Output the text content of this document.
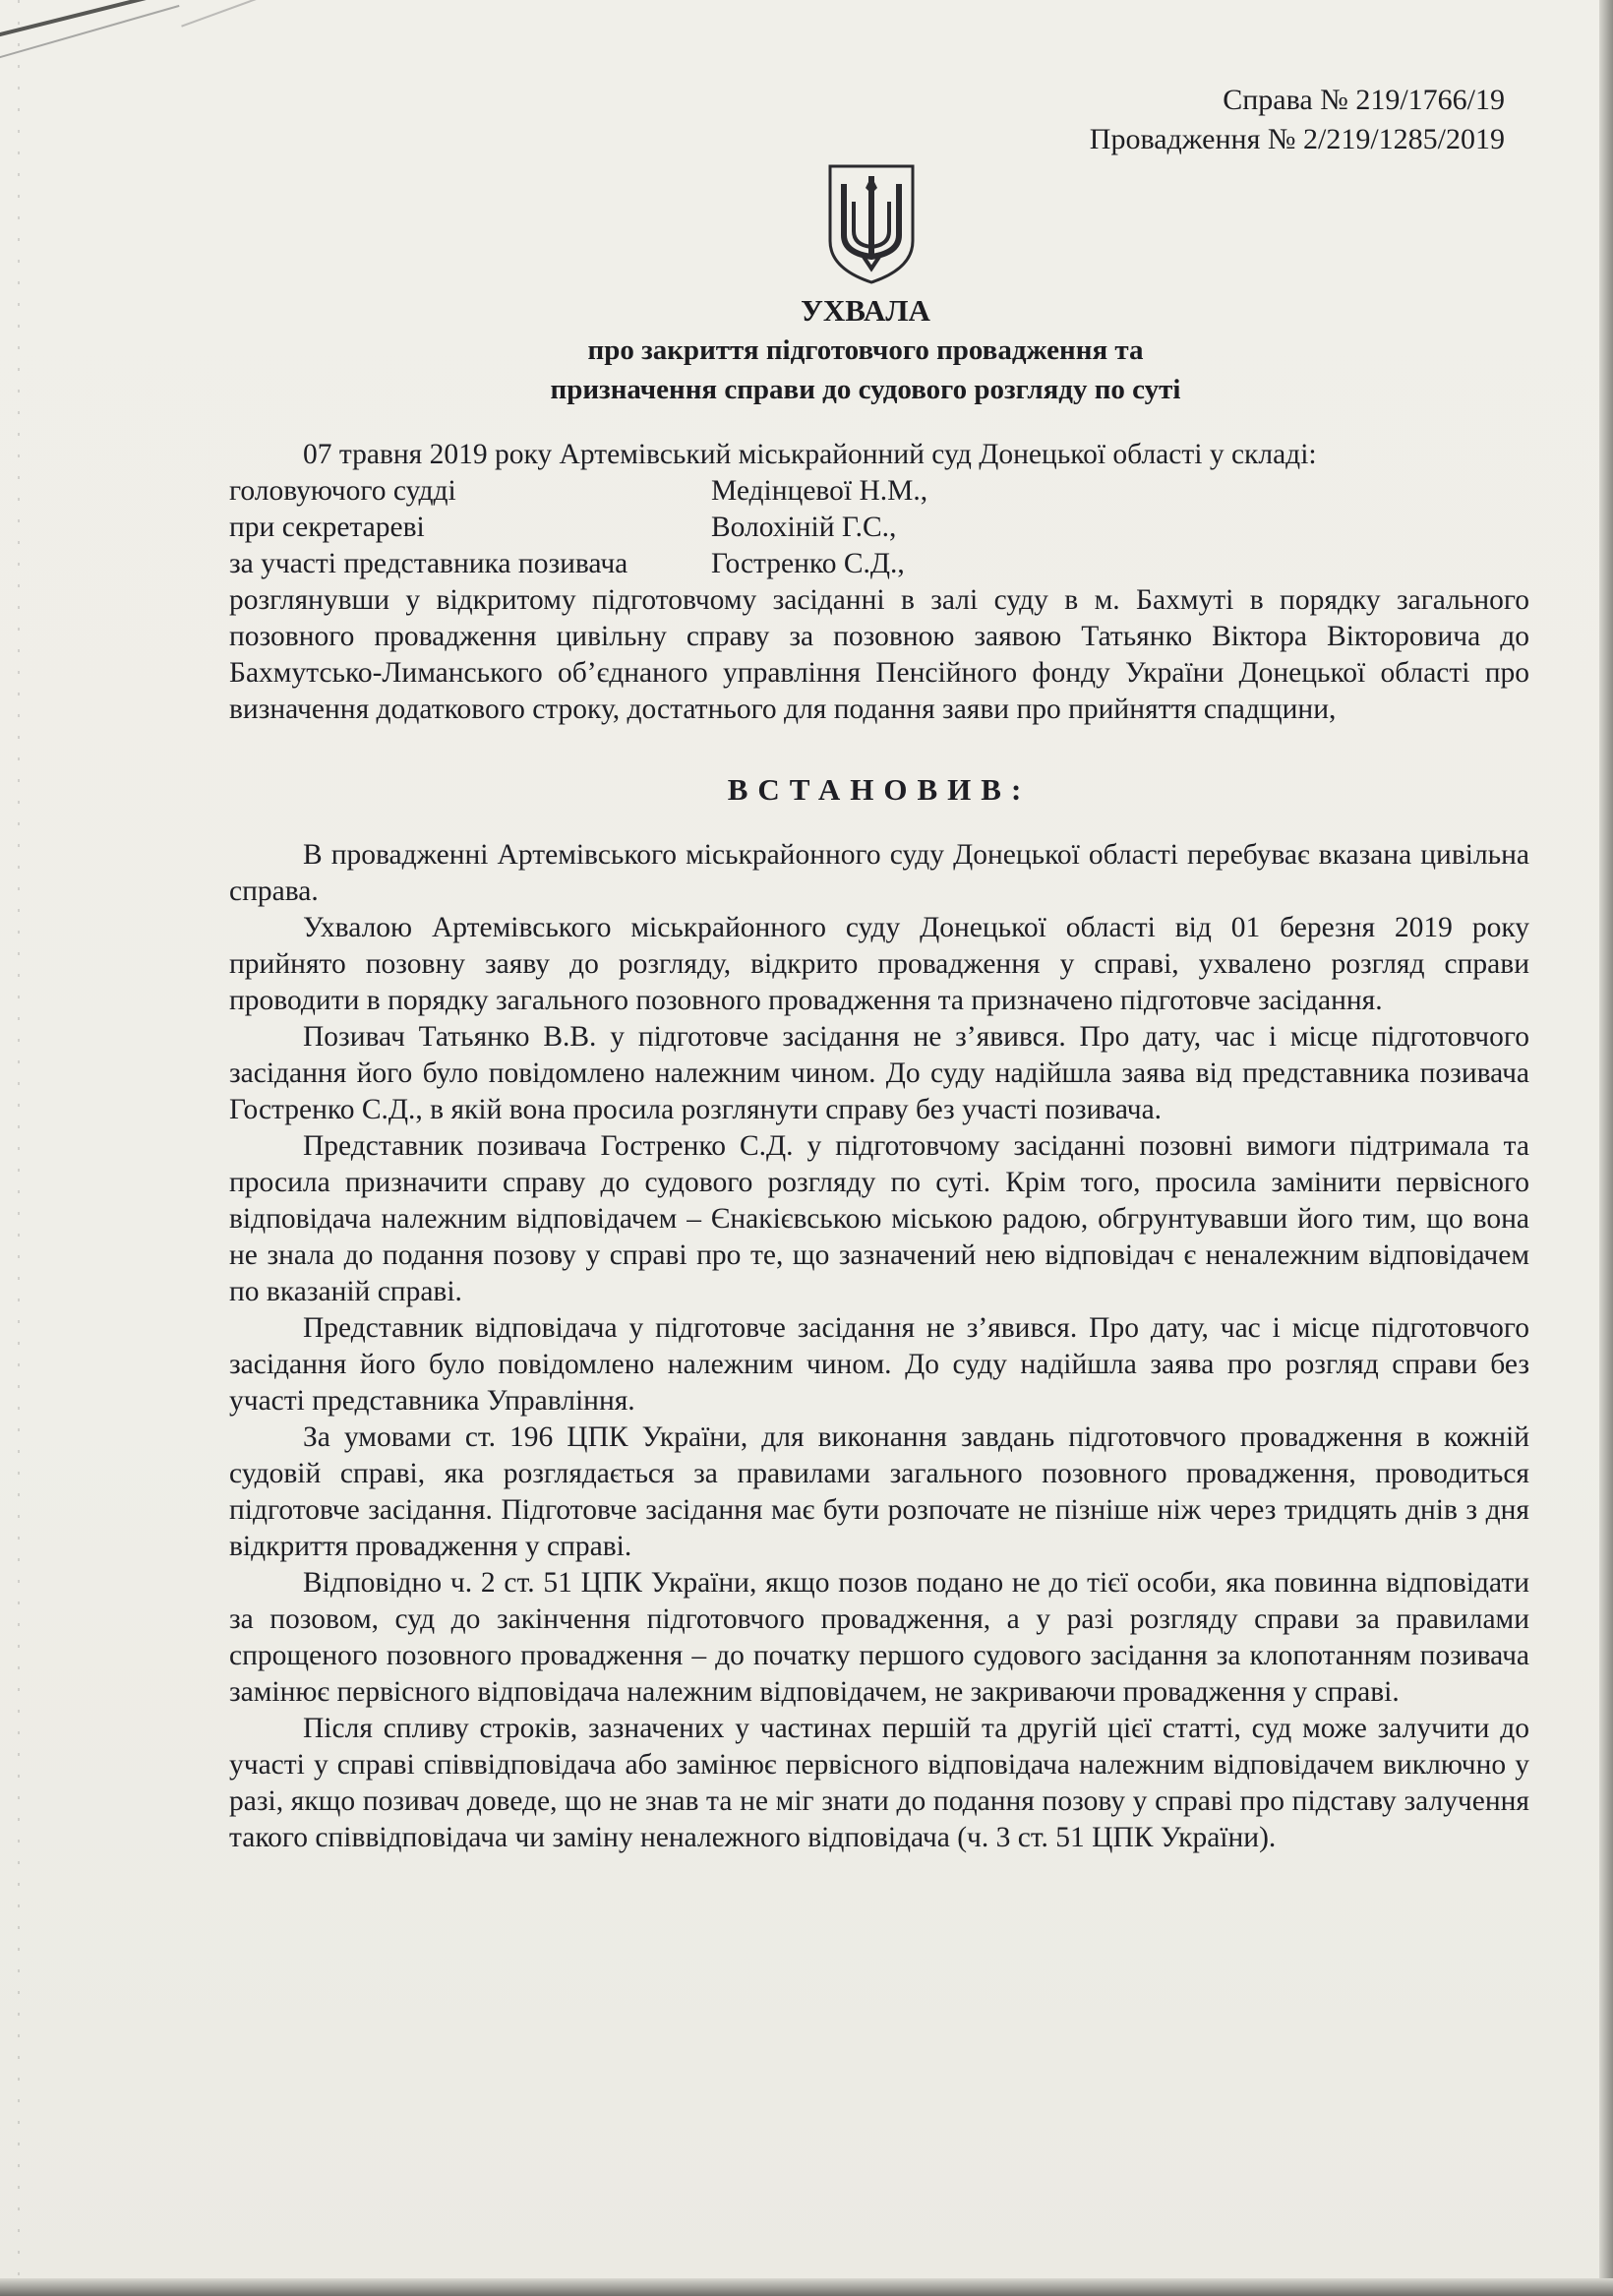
Справа № 219/1766/19
Провадження № 2/219/1285/2019
УХВАЛА
про закриття підготовчого провадження та
призначення справи до судового розгляду по суті

07 травня 2019 року Артемівський міськрайонний суд Донецької області у складі:

головуючого судді	Медінцевої Н.М.,
при секретареві	Волохіній Г.С.,
за участі представника позивача	Гостренко С.Д.,

розглянувши у відкритому підготовчому засіданні в залі суду в м. Бахмуті в порядку загального позовного провадження цивільну справу за позовною заявою Татьянко Віктора Вікторовича до Бахмутсько-Лиманського об’єднаного управління Пенсійного фонду України Донецької області про визначення додаткового строку, достатнього для подання заяви про прийняття спадщини,

ВСТАНОВИВ:

В провадженні Артемівського міськрайонного суду Донецької області перебуває вказана цивільна справа.

Ухвалою Артемівського міськрайонного суду Донецької області від 01 березня 2019 року прийнято позовну заяву до розгляду, відкрито провадження у справі, ухвалено розгляд справи проводити в порядку загального позовного провадження та призначено підготовче засідання.

Позивач Татьянко В.В. у підготовче засідання не з’явився. Про дату, час і місце підготовчого засідання його було повідомлено належним чином. До суду надійшла заява від представника позивача Гостренко С.Д., в якій вона просила розглянути справу без участі позивача.

Представник позивача Гостренко С.Д. у підготовчому засіданні позовні вимоги підтримала та просила призначити справу до судового розгляду по суті. Крім того, просила замінити первісного відповідача належним відповідачем – Єнакієвською міською радою, обгрунтувавши його тим, що вона не знала до подання позову у справі про те, що зазначений нею відповідач є неналежним відповідачем по вказаній справі.

Представник відповідача у підготовче засідання не з’явився. Про дату, час і місце підготовчого засідання його було повідомлено належним чином. До суду надійшла заява про розгляд справи без участі представника Управління.

За умовами ст. 196 ЦПК України, для виконання завдань підготовчого провадження в кожній судовій справі, яка розглядається за правилами загального позовного провадження, проводиться підготовче засідання. Підготовче засідання має бути розпочате не пізніше ніж через тридцять днів з дня відкриття провадження у справі.

Відповідно ч. 2 ст. 51 ЦПК України, якщо позов подано не до тієї особи, яка повинна відповідати за позовом, суд до закінчення підготовчого провадження, а у разі розгляду справи за правилами спрощеного позовного провадження – до початку першого судового засідання за клопотанням позивача замінює первісного відповідача належним відповідачем, не закриваючи провадження у справі.

Після спливу строків, зазначених у частинах першій та другій цієї статті, суд може залучити до участі у справі співвідповідача або замінює первісного відповідача належним відповідачем виключно у разі, якщо позивач доведе, що не знав та не міг знати до подання позову у справі про підставу залучення такого співвідповідача чи заміну неналежного відповідача (ч. 3 ст. 51 ЦПК України).
